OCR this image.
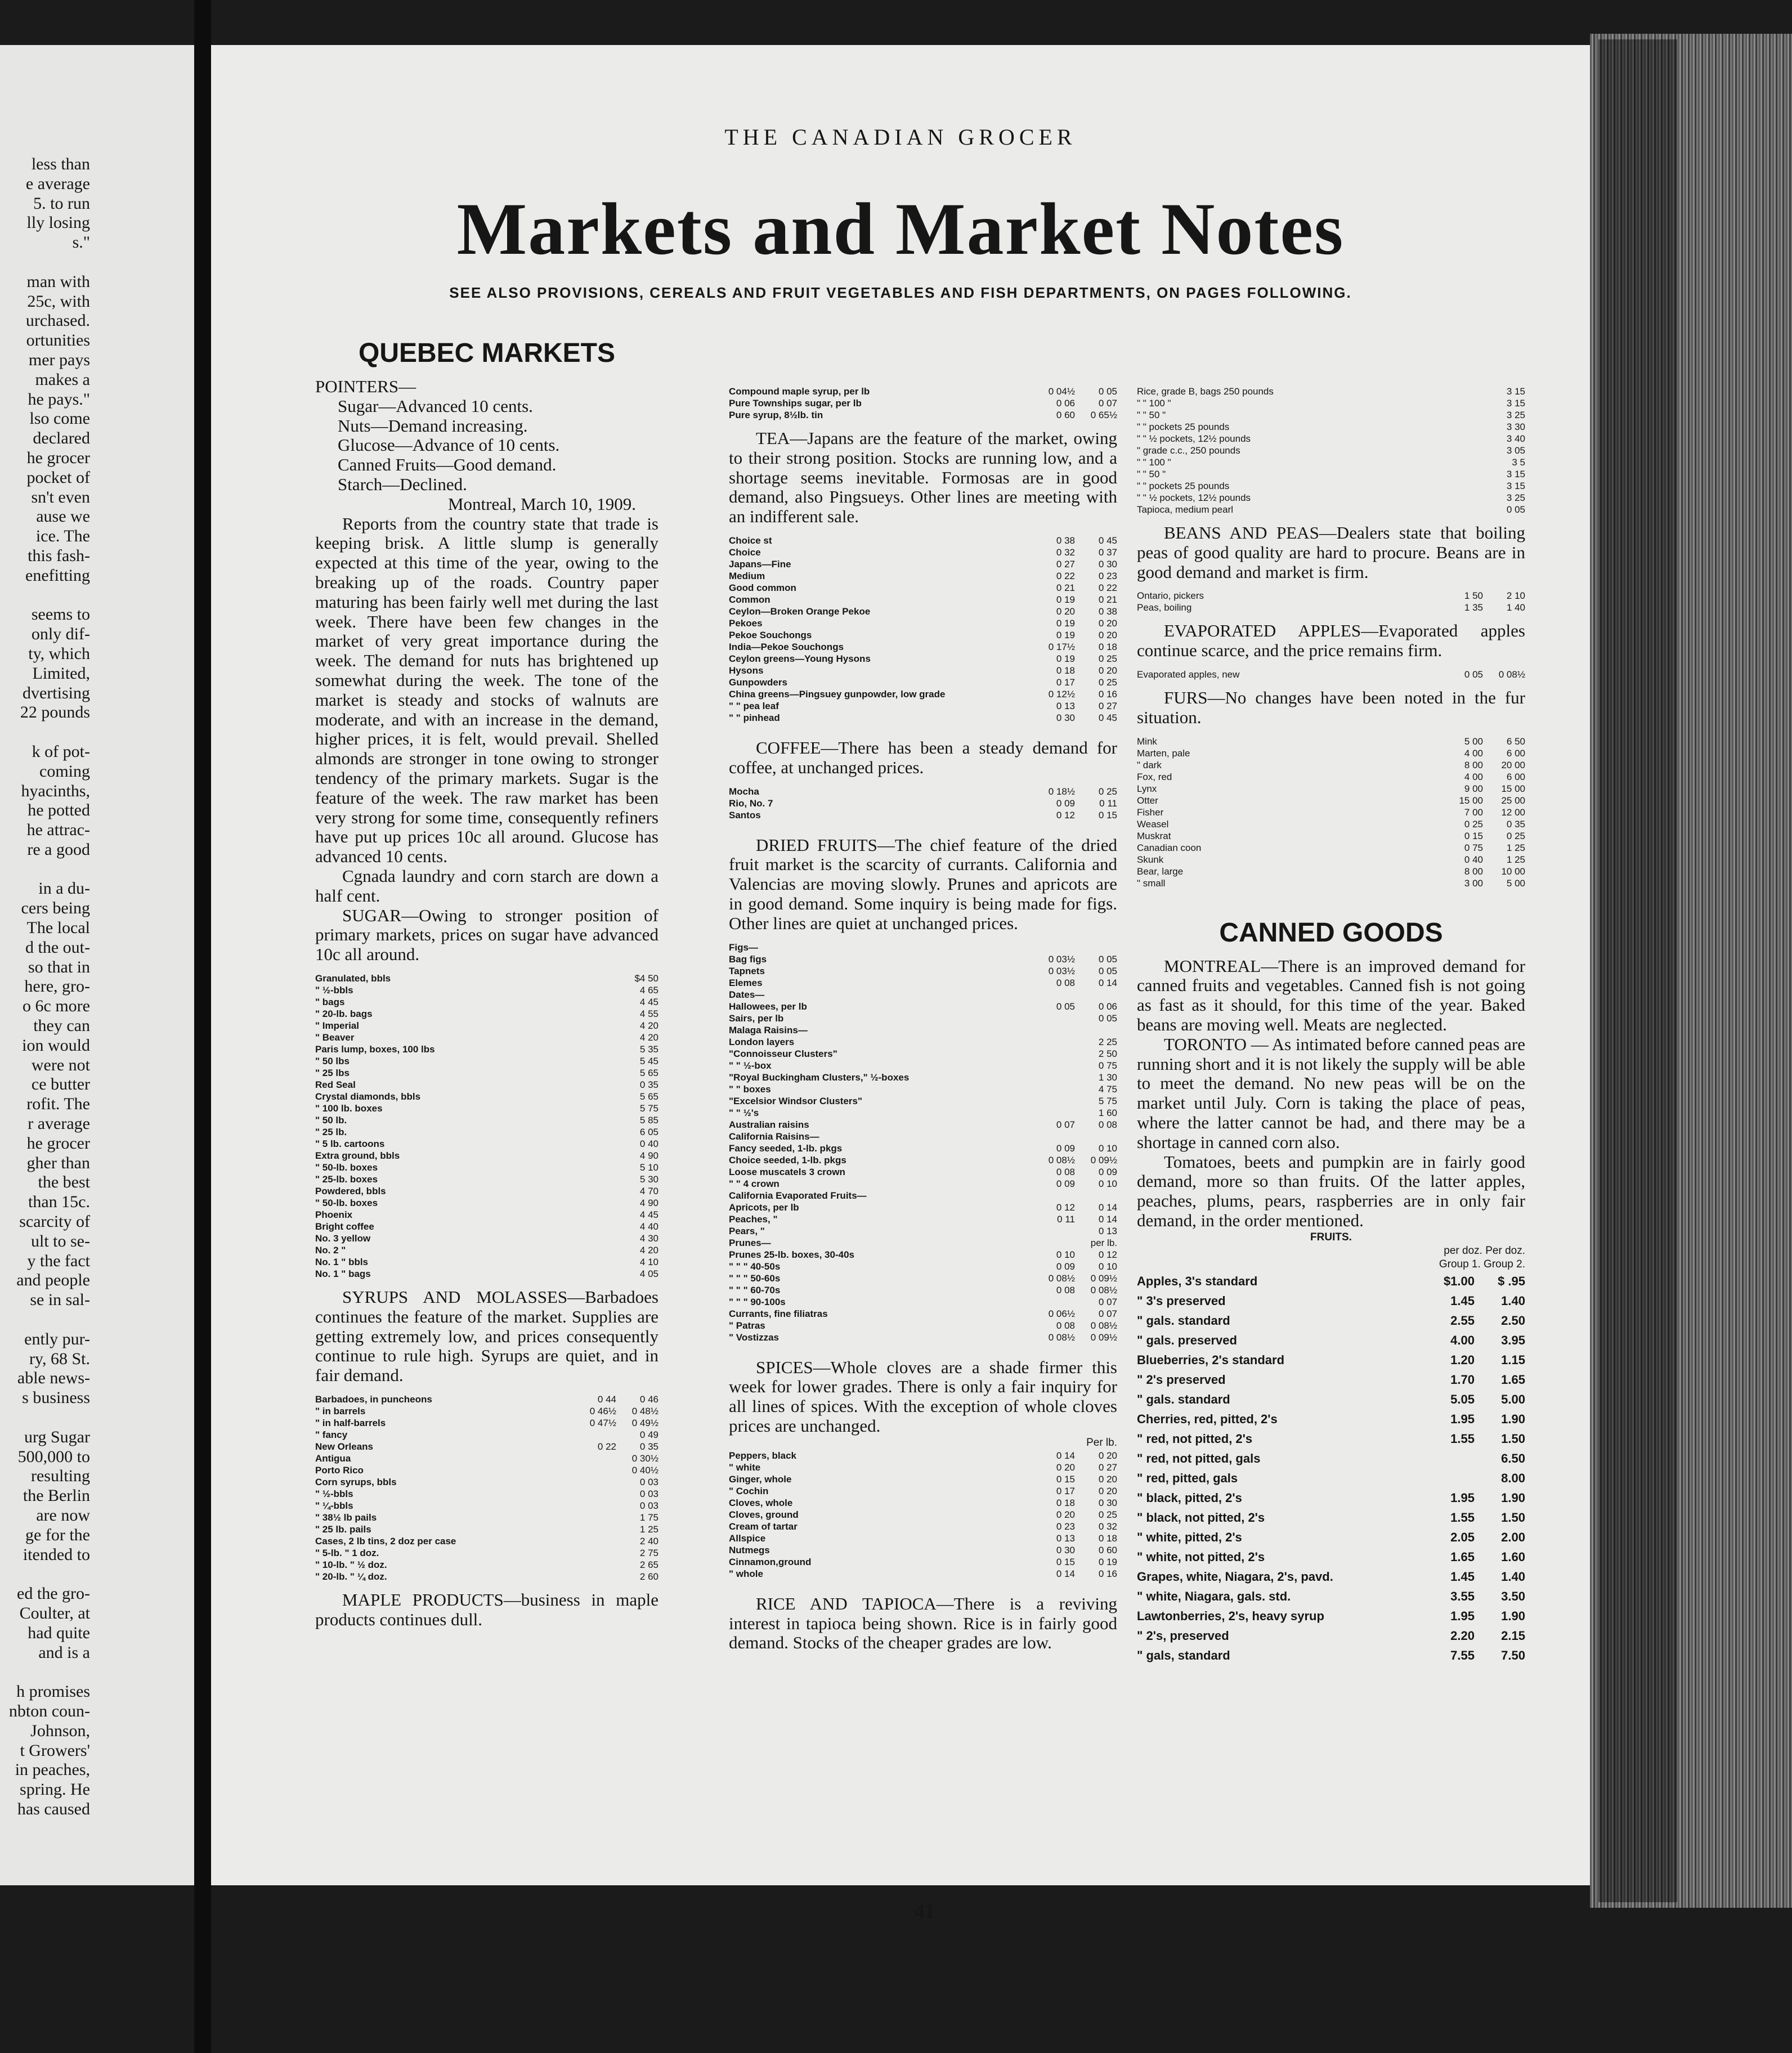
less than
e average
5. to run
lly losing
s."
man with
25c, with
urchased.
ortunities
mer pays
makes a
he pays."
lso come
declared
he grocer
pocket of
sn't even
ause we
ice. The
this fash-
enefitting
seems to
only dif-
ty, which
Limited,
dvertising
22 pounds
k of pot-
coming
hyacinths,
he potted
he attrac-
re a good
in a du-
cers being
The local
d the out-
so that in
here, gro-
o 6c more
they can
ion would
were not
ce butter
rofit. The
r average
he grocer
gher than
the best
than 15c.
scarcity of
ult to se-
y the fact
and people
se in sal-
ently pur-
ry, 68 St.
able news-
s business
urg Sugar
500,000 to
resulting
the Berlin
are now
ge for the
itended to
ed the gro-
Coulter, at
had quite
and is a
h promises
nbton coun-
Johnson,
t Growers'
in peaches,
spring. He
has caused
THE CANADIAN GROCER
Markets and Market Notes
SEE ALSO PROVISIONS, CEREALS AND FRUIT VEGETABLES AND FISH DEPARTMENTS, ON PAGES FOLLOWING.
QUEBEC MARKETS
POINTERS—
Sugar—Advanced 10 cents.
Nuts—Demand increasing.
Glucose—Advance of 10 cents.
Canned Fruits—Good demand.
Starch—Declined.
Montreal, March 10, 1909.

Reports from the country state that trade is keeping brisk. A little slump is generally expected at this time of the year, owing to the breaking up of the roads. Country paper maturing has been fairly well met during the last week. There have been few changes in the market of very great importance during the week. The demand for nuts has brightened up somewhat during the week. The tone of the market is steady and stocks of walnuts are moderate, and with an increase in the demand, higher prices, it is felt, would prevail. Shelled almonds are stronger in tone owing to stronger tendency of the primary markets. Sugar is the feature of the week. The raw market has been very strong for some time, consequently refiners have put up prices 10c all around. Glucose has advanced 10 cents.

Cgnada laundry and corn starch are down a half cent.

SUGAR—Owing to stronger position of primary markets, prices on sugar have advanced 10c all around.

Granulated, bbls	$4 50
" ½-bbls	4 65
" bags	4 45
" 20-lb. bags	4 55
" Imperial	4 20
" Beaver	4 20
Paris lump, boxes, 100 lbs	5 35
" 50 lbs	5 45
" 25 lbs	5 65
Red Seal	0 35
Crystal diamonds, bbls	5 65
" 100 lb. boxes	5 75
" 50 lb.	5 85
" 25 lb.	6 05
" 5 lb. cartoons	0 40
Extra ground, bbls	4 90
" 50-lb. boxes	5 10
" 25-lb. boxes	5 30
Powdered, bbls	4 70
" 50-lb. boxes	4 90
Phoenix	4 45
Bright coffee	4 40
No. 3 yellow	4 30
No. 2 "	4 20
No. 1 " bbls	4 10
No. 1 " bags	4 05

SYRUPS AND MOLASSES—Barbadoes continues the feature of the market. Supplies are getting extremely low, and prices consequently continue to rule high. Syrups are quiet, and in fair demand.

Barbadoes, in puncheons	0 44	0 46
" in barrels	0 46½	0 48½
" in half-barrels	0 47½	0 49½
" fancy		0 49
New Orleans	0 22	0 35
Antigua		0 30½
Porto Rico		0 40½
Corn syrups, bbls		0 03
" ½-bbls		0 03
" ¼-bbls		0 03
" 38½ lb pails		1 75
" 25 lb. pails		1 25
Cases, 2 lb tins, 2 doz per case		2 40
" 5-lb. " 1 doz.		2 75
" 10-lb. " ½ doz.		2 65
" 20-lb. " ¼ doz.		2 60

MAPLE PRODUCTS—business in maple products continues dull.

Compound maple syrup, per lb	0 04½	0 05
Pure Townships sugar, per lb	0 06	0 07
Pure syrup, 8½lb. tin	0 60	0 65½

TEA—Japans are the feature of the market, owing to their strong position. Stocks are running low, and a shortage seems inevitable. Formosas are in good demand, also Pingsueys. Other lines are meeting with an indifferent sale.

Choice st	0 38	0 45
Choice	0 32	0 37
Japans—Fine	0 27	0 30
Medium	0 22	0 23
Good common	0 21	0 22
Common	0 19	0 21
Ceylon—Broken Orange Pekoe	0 20	0 38
Pekoes	0 19	0 20
Pekoe Souchongs	0 19	0 20
India—Pekoe Souchongs	0 17½	0 18
Ceylon greens—Young Hysons	0 19	0 25
Hysons	0 18	0 20
Gunpowders	0 17	0 25
China greens—Pingsuey gunpowder, low grade	0 12½	0 16
" " pea leaf	0 13	0 27
" " pinhead	0 30	0 45

COFFEE—There has been a steady demand for coffee, at unchanged prices.

Mocha	0 18½	0 25
Rio, No. 7	0 09	0 11
Santos	0 12	0 15

DRIED FRUITS—The chief feature of the dried fruit market is the scarcity of currants. California and Valencias are moving slowly. Prunes and apricots are in good demand. Some inquiry is being made for figs. Other lines are quiet at unchanged prices.

Figs—		
Bag figs	0 03½	0 05
Tapnets	0 03½	0 05
Elemes	0 08	0 14
Dates—		
Hallowees, per lb	0 05	0 06
Sairs, per lb		0 05
Malaga Raisins—		
London layers		2 25
"Connoisseur Clusters"		2 50
" " ½-box		0 75
"Royal Buckingham Clusters," ½-boxes		1 30
" " boxes		4 75
"Excelsior Windsor Clusters"		5 75
" " ½'s		1 60
Australian raisins	0 07	0 08
California Raisins—		
Fancy seeded, 1-lb. pkgs	0 09	0 10
Choice seeded, 1-lb. pkgs	0 08½	0 09½
Loose muscatels 3 crown	0 08	0 09
" " 4 crown	0 09	0 10
California Evaporated Fruits—		
Apricots, per lb	0 12	0 14
Peaches, "	0 11	0 14
Pears, "		0 13
Prunes—		per lb.
Prunes 25-lb. boxes, 30-40s	0 10	0 12
" " " 40-50s	0 09	0 10
" " " 50-60s	0 08½	0 09½
" " " 60-70s	0 08	0 08½
" " " 90-100s		0 07
Currants, fine filiatras	0 06½	0 07
" Patras	0 08	0 08½
" Vostizzas	0 08½	0 09½

SPICES—Whole cloves are a shade firmer this week for lower grades. There is only a fair inquiry for all lines of spices. With the exception of whole cloves prices are unchanged.

Per lb.
Peppers, black	0 14	0 20
" white	0 20	0 27
Ginger, whole	0 15	0 20
" Cochin	0 17	0 20
Cloves, whole	0 18	0 30
Cloves, ground	0 20	0 25
Cream of tartar	0 23	0 32
Allspice	0 13	0 18
Nutmegs	0 30	0 60
Cinnamon,ground	0 15	0 19
" whole	0 14	0 16

RICE AND TAPIOCA—There is a reviving interest in tapioca being shown. Rice is in fairly good demand. Stocks of the cheaper grades are low.

Rice, grade B, bags 250 pounds	3 15
" " 100 "	3 15
" " 50 "	3 25
" " pockets 25 pounds	3 30
" " ½ pockets, 12½ pounds	3 40
" grade c.c., 250 pounds	3 05
" " 100 "	3 5
" " 50 "	3 15
" " pockets 25 pounds	3 15
" " ½ pockets, 12½ pounds	3 25
Tapioca, medium pearl	0 05

BEANS AND PEAS—Dealers state that boiling peas of good quality are hard to procure. Beans are in good demand and market is firm.

Ontario, pickers	1 50	2 10
Peas, boiling	1 35	1 40

EVAPORATED APPLES—Evaporated apples continue scarce, and the price remains firm.

Evaporated apples, new	0 05	0 08½

FURS—No changes have been noted in the fur situation.

Mink	5 00	6 50
Marten, pale	4 00	6 00
" dark	8 00	20 00
Fox, red	4 00	6 00
Lynx	9 00	15 00
Otter	15 00	25 00
Fisher	7 00	12 00
Weasel	0 25	0 35
Muskrat	0 15	0 25
Canadian coon	0 75	1 25
Skunk	0 40	1 25
Bear, large	8 00	10 00
" small	3 00	5 00
CANNED GOODS

MONTREAL—There is an improved demand for canned fruits and vegetables. Canned fish is not going as fast as it should, for this time of the year. Baked beans are moving well. Meats are neglected.

TORONTO — As intimated before canned peas are running short and it is not likely the supply will be able to meet the demand. No new peas will be on the market until July. Corn is taking the place of peas, where the latter cannot be had, and there may be a shortage in canned corn also.

Tomatoes, beets and pumpkin are in fairly good demand, more so than fruits. Of the latter apples, peaches, plums, pears, raspberries are in only fair demand, in the order mentioned.

FRUITS.
per doz. Per doz.
Group 1. Group 2.
Apples, 3's standard	$1.00	$ .95
" 3's preserved	1.45	1.40
" gals. standard	2.55	2.50
" gals. preserved	4.00	3.95
Blueberries, 2's standard	1.20	1.15
" 2's preserved	1.70	1.65
" gals. standard	5.05	5.00
Cherries, red, pitted, 2's	1.95	1.90
" red, not pitted, 2's	1.55	1.50
" red, not pitted, gals		6.50
" red, pitted, gals		8.00
" black, pitted, 2's	1.95	1.90
" black, not pitted, 2's	1.55	1.50
" white, pitted, 2's	2.05	2.00
" white, not pitted, 2's	1.65	1.60
Grapes, white, Niagara, 2's, pavd.	1.45	1.40
" white, Niagara, gals. std.	3.55	3.50
Lawtonberries, 2's, heavy syrup	1.95	1.90
" 2's, preserved	2.20	2.15
" gals, standard	7.55	7.50
41
